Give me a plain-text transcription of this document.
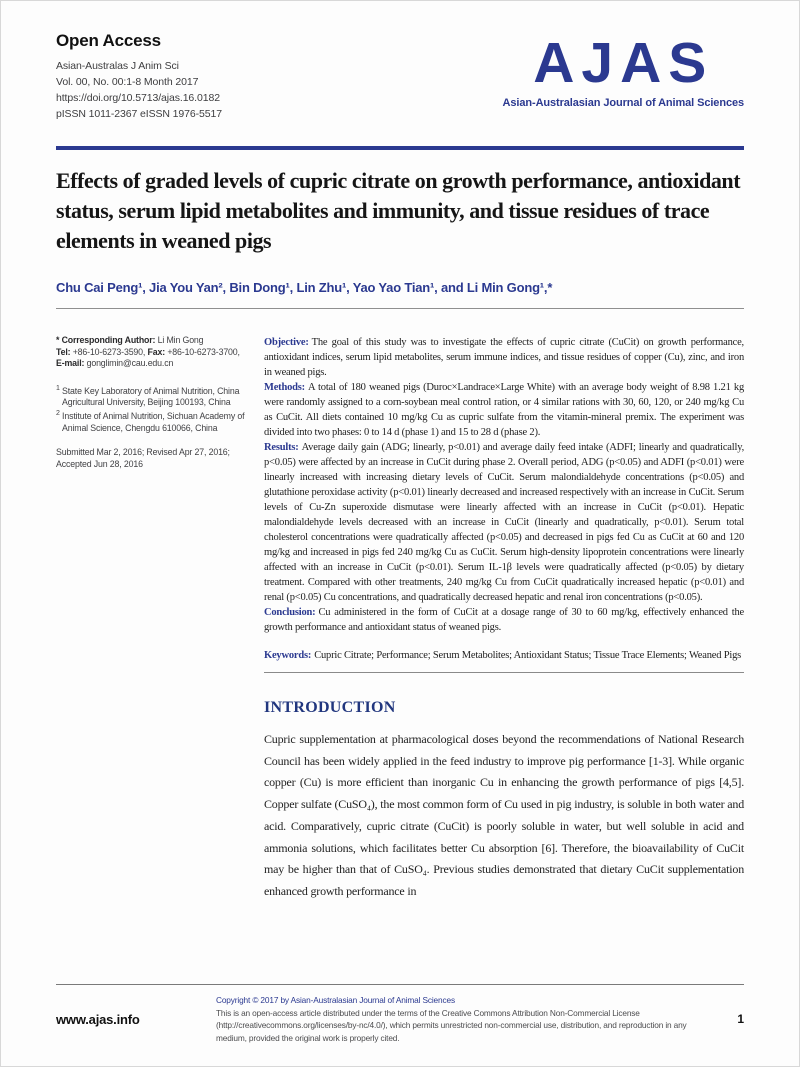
Open Access
Asian-Australas J Anim Sci
Vol. 00, No. 00:1-8 Month 2017
https://doi.org/10.5713/ajas.16.0182
pISSN 1011-2367 eISSN 1976-5517
AJAS
Asian-Australasian Journal of Animal Sciences
Effects of graded levels of cupric citrate on growth performance, antioxidant status, serum lipid metabolites and immunity, and tissue residues of trace elements in weaned pigs
Chu Cai Peng¹, Jia You Yan², Bin Dong¹, Lin Zhu¹, Yao Yao Tian¹, and Li Min Gong¹,*
* Corresponding Author: Li Min Gong
Tel: +86-10-6273-3590, Fax: +86-10-6273-3700,
E-mail: gonglimin@cau.edu.cn
$^1$ State Key Laboratory of Animal Nutrition, China Agricultural University, Beijing 100193, China
$^2$ Institute of Animal Nutrition, Sichuan Academy of Animal Science, Chengdu 610066, China
Submitted Mar 2, 2016; Revised Apr 27, 2016; Accepted Jun 28, 2016

Objective: The goal of this study was to investigate the effects of cupric citrate (CuCit) on growth performance, antioxidant indices, serum lipid metabolites, serum immune indices, and tissue residues of copper (Cu), zinc, and iron in weaned pigs.

Methods: A total of 180 weaned pigs (Duroc×Landrace×Large White) with an average body weight of 8.98 1.21 kg were randomly assigned to a corn-soybean meal control ration, or 4 similar rations with 30, 60, 120, or 240 mg/kg Cu as CuCit. All diets contained 10 mg/kg Cu as cupric sulfate from the vitamin-mineral premix. The experiment was divided into two phases: 0 to 14 d (phase 1) and 15 to 28 d (phase 2).

Results: Average daily gain (ADG; linearly, p<0.01) and average daily feed intake (ADFI; linearly and quadratically, p<0.05) were affected by an increase in CuCit during phase 2. Overall period, ADG (p<0.05) and ADFI (p<0.01) were linearly increased with increasing dietary levels of CuCit. Serum malondialdehyde concentrations (p<0.05) and glutathione peroxidase activity (p<0.01) linearly decreased and increased respectively with an increase in CuCit. Serum levels of Cu-Zn superoxide dismutase were linearly affected with an increase in CuCit (p<0.01). Hepatic malondialdehyde levels decreased with an increase in CuCit (linearly and quadratically, p<0.01). Serum total cholesterol concentrations were quadratically affected (p<0.05) and decreased in pigs fed Cu as CuCit at 60 and 120 mg/kg and increased in pigs fed 240 mg/kg Cu as CuCit. Serum high-density lipoprotein concentrations were linearly affected with an increase in CuCit (p<0.01). Serum IL-1β levels were quadratically affected (p<0.05) by dietary treatment. Compared with other treatments, 240 mg/kg Cu from CuCit quadratically increased hepatic (p<0.01) and renal (p<0.05) Cu concentrations, and quadratically decreased hepatic and renal iron concentrations (p<0.05).

Conclusion: Cu administered in the form of CuCit at a dosage range of 30 to 60 mg/kg, effectively enhanced the growth performance and antioxidant status of weaned pigs.

Keywords: Cupric Citrate; Performance; Serum Metabolites; Antioxidant Status; Tissue Trace Elements; Weaned Pigs

INTRODUCTION

Cupric supplementation at pharmacological doses beyond the recommendations of National Research Council has been widely applied in the feed industry to improve pig performance [1-3]. While organic copper (Cu) is more efficient than inorganic Cu in enhancing the growth performance of pigs [4,5]. Copper sulfate (CuSO₄), the most common form of Cu used in pig industry, is soluble in both water and acid. Comparatively, cupric citrate (CuCit) is poorly soluble in water, but well soluble in acid and ammonia solutions, which facilitates better Cu absorption [6]. Therefore, the bioavailability of CuCit may be higher than that of CuSO₄. Previous studies demonstrated that dietary CuCit supplementation enhanced growth performance in

www.ajas.info
Copyright © 2017 by Asian-Australasian Journal of Animal Sciences
This is an open-access article distributed under the terms of the Creative Commons Attribution Non-Commercial License (http://creativecommons.org/licenses/by-nc/4.0/), which permits unrestricted non-commercial use, distribution, and reproduction in any medium, provided the original work is properly cited.
1
